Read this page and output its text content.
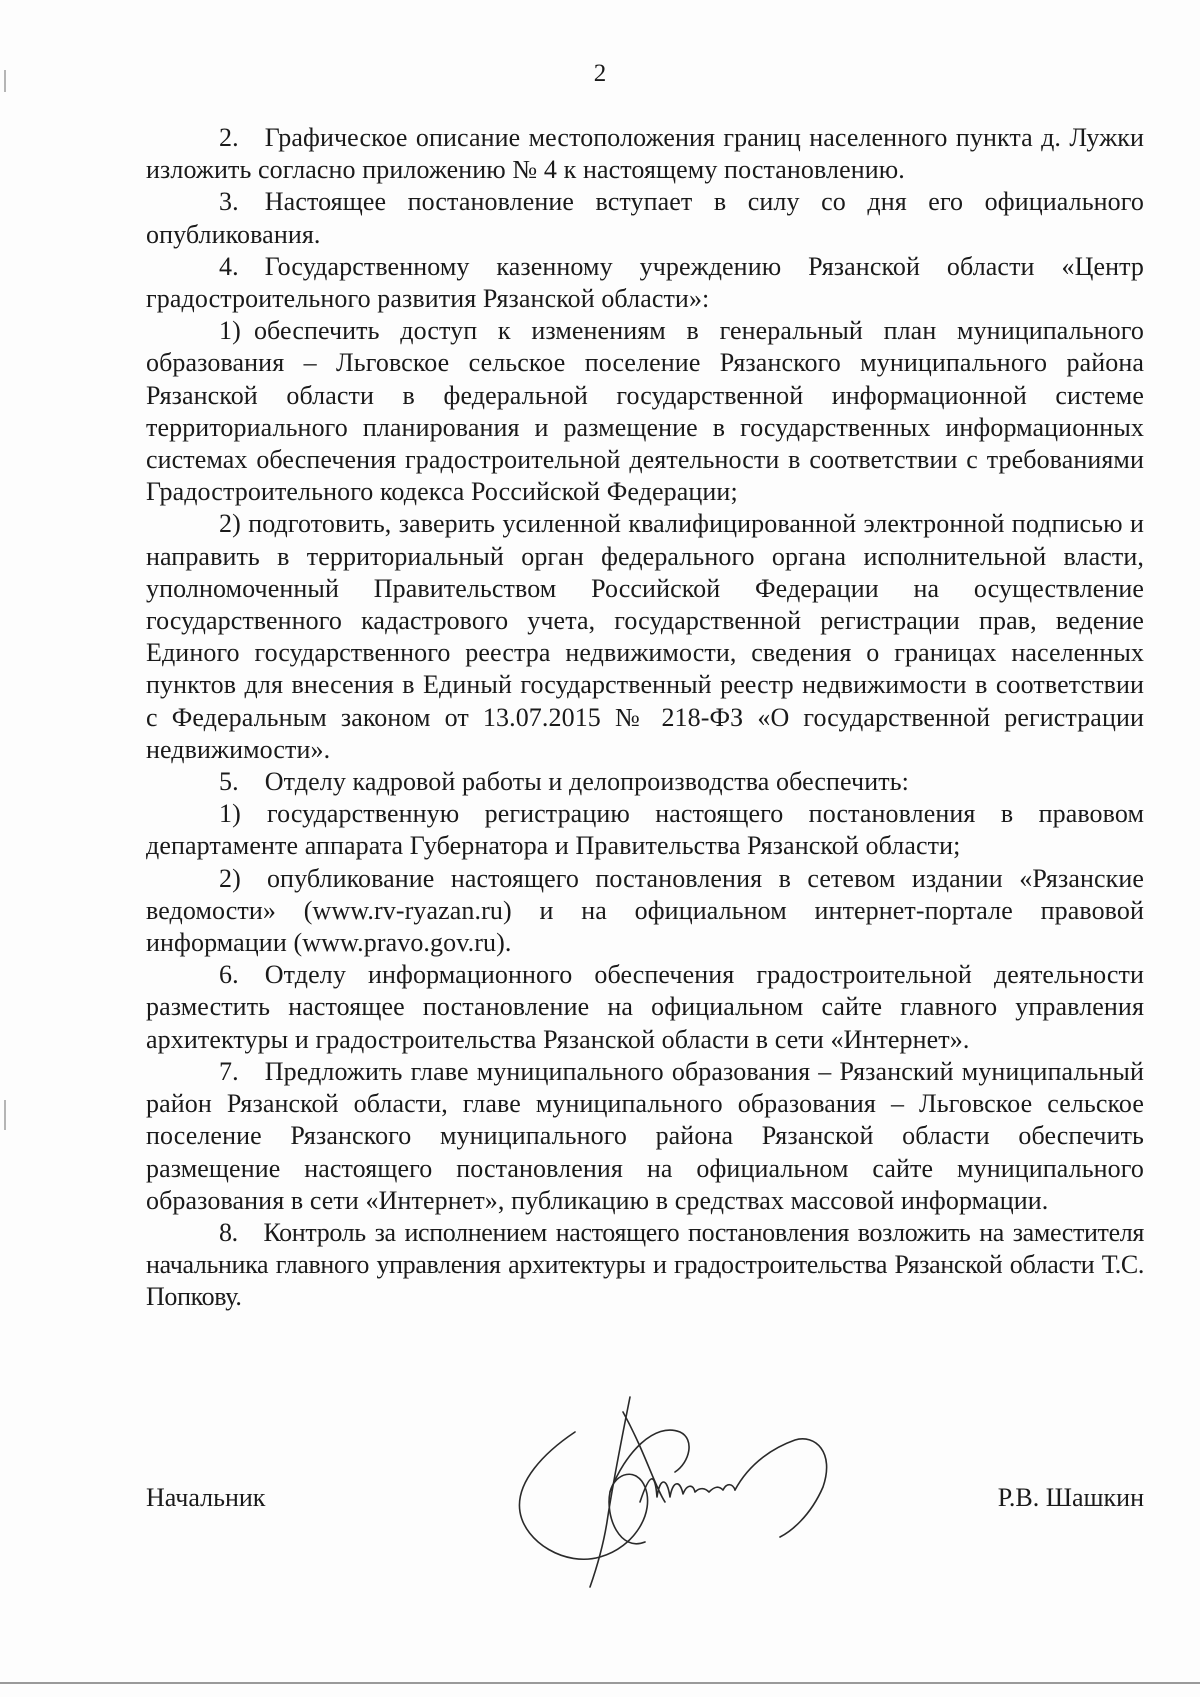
2

2. Графическое описание местоположения границ населенного пункта д. Лужки изложить согласно приложению № 4 к настоящему постановлению.

3. Настоящее постановление вступает в силу со дня его официального опубликования.

4. Государственному казенному учреждению Рязанской области «Центр градостроительного развития Рязанской области»:

1) обеспечить доступ к изменениям в генеральный план муниципального образования – Льговское сельское поселение Рязанского муниципального района Рязанской области в федеральной государственной информационной системе территориального планирования и размещение в государственных информационных системах обеспечения градостроительной деятельности в соответствии с требованиями Градостроительного кодекса Российской Федерации;

2) подготовить, заверить усиленной квалифицированной электронной подписью и направить в территориальный орган федерального органа исполнительной власти, уполномоченный Правительством Российской Федерации на осуществление государственного кадастрового учета, государственной регистрации прав, ведение Единого государственного реестра недвижимости, сведения о границах населенных пунктов для внесения в Единый государственный реестр недвижимости в соответствии с Федеральным законом от 13.07.2015 № 218-ФЗ «О государственной регистрации недвижимости».

5. Отделу кадровой работы и делопроизводства обеспечить:

1) государственную регистрацию настоящего постановления в правовом департаменте аппарата Губернатора и Правительства Рязанской области;

2) опубликование настоящего постановления в сетевом издании «Рязанские ведомости» (www.rv-ryazan.ru) и на официальном интернет-портале правовой информации (www.pravo.gov.ru).

6. Отделу информационного обеспечения градостроительной деятельности разместить настоящее постановление на официальном сайте главного управления архитектуры и градостроительства Рязанской области в сети «Интернет».

7. Предложить главе муниципального образования – Рязанский муниципальный район Рязанской области, главе муниципального образования – Льговское сельское поселение Рязанского муниципального района Рязанской области обеспечить размещение настоящего постановления на официальном сайте муниципального образования в сети «Интернет», публикацию в средствах массовой информации.

8. Контроль за исполнением настоящего постановления возложить на заместителя начальника главного управления архитектуры и градостроительства Рязанской области Т.С. Попкову.

Начальник	Р.В. Шашкин
